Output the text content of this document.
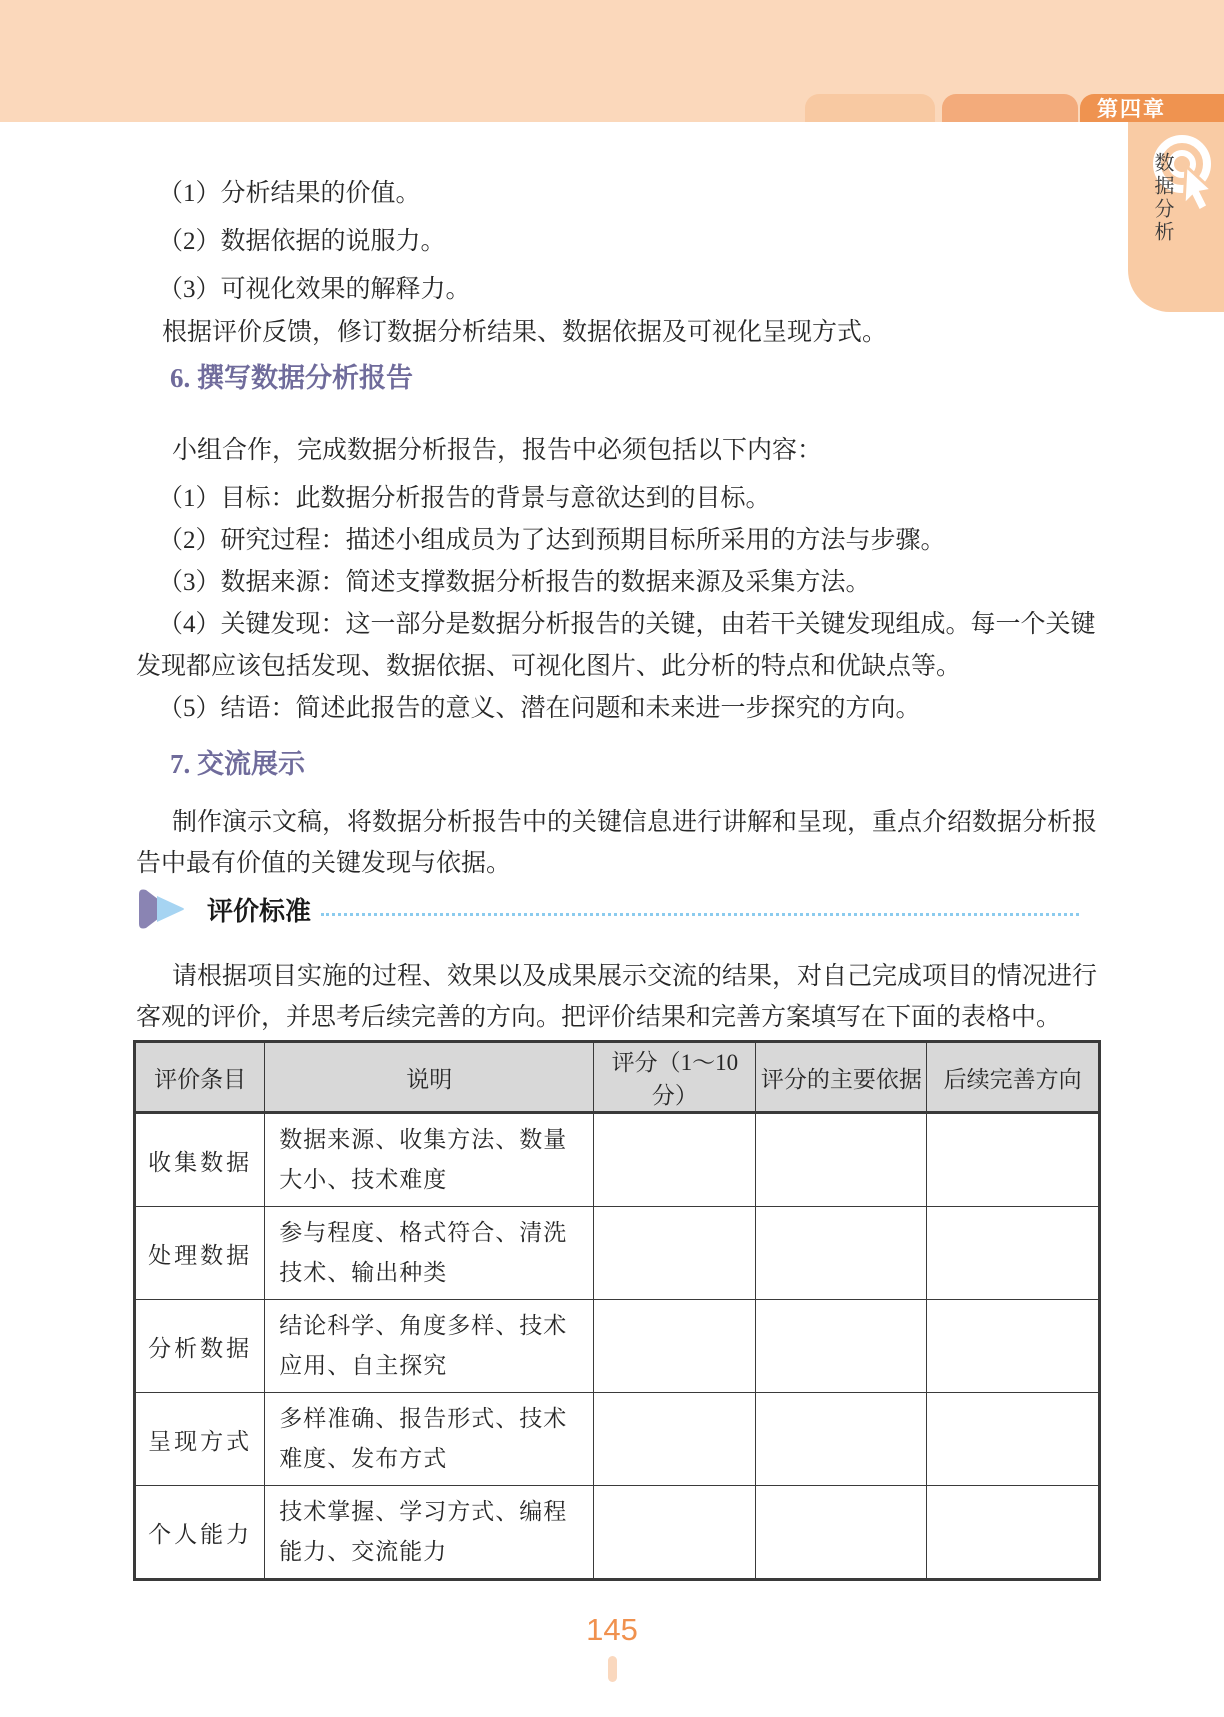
第四章
数据分析

（1）分析结果的价值。

（2）数据依据的说服力。

（3）可视化效果的解释力。

根据评价反馈，修订数据分析结果、数据依据及可视化呈现方式。
6. 撰写数据分析报告
小组合作，完成数据分析报告，报告中必须包括以下内容：

（1）目标：此数据分析报告的背景与意欲达到的目标。

（2）研究过程：描述小组成员为了达到预期目标所采用的方法与步骤。

（3）数据来源：简述支撑数据分析报告的数据来源及采集方法。

（4）关键发现：这一部分是数据分析报告的关键，由若干关键发现组成。每一个关键发现都应该包括发现、数据依据、可视化图片、此分析的特点和优缺点等。

（5）结语：简述此报告的意义、潜在问题和未来进一步探究的方向。

7. 交流展示
制作演示文稿，将数据分析报告中的关键信息进行讲解和呈现，重点介绍数据分析报告中最有价值的关键发现与依据。
评价标准
请根据项目实施的过程、效果以及成果展示交流的结果，对自己完成项目的情况进行客观的评价，并思考后续完善的方向。把评价结果和完善方案填写在下面的表格中。
评价条目	说明	评分（1～10分）	评分的主要依据	后续完善方向
收集数据	数据来源、收集方法、数量大小、技术难度			
处理数据	参与程度、格式符合、清洗技术、输出种类			
分析数据	结论科学、角度多样、技术应用、自主探究			
呈现方式	多样准确、报告形式、技术难度、发布方式			
个人能力	技术掌握、学习方式、编程能力、交流能力			
145
